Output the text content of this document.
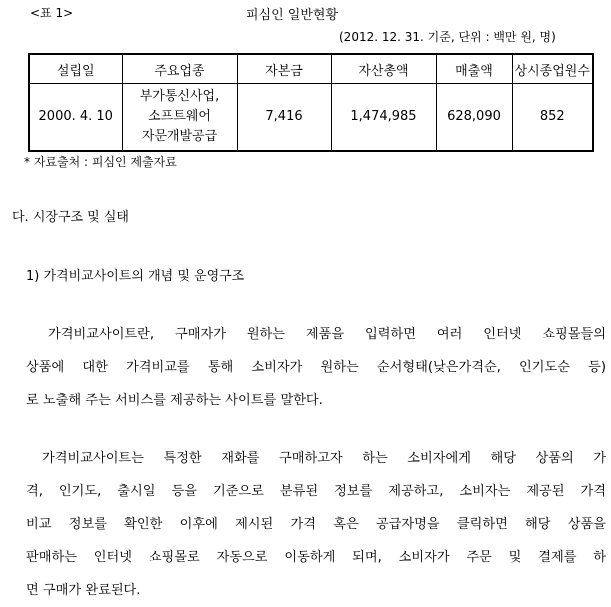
<표 1>	피심인 일반현황
(2012. 12. 31. 기준, 단위 : 백만 원, 명)
설립일	주요업종	자본금	자산총액	매출액	상시종업원수
2000. 4. 10	부가통신사업,
소프트웨어
자문개발공급	7,416	1,474,985	628,090	852
* 자료출처 : 피심인 제출자료
다. 시장구조 및 실태
1) 가격비교사이트의 개념 및 운영구조
가격비교사이트란, 구매자가 원하는 제품을 입력하면 여러 인터넷 쇼핑몰들의
상품에 대한 가격비교를 통해 소비자가 원하는 순서형태(낮은가격순, 인기도순 등)
로 노출해 주는 서비스를 제공하는 사이트를 말한다.
가격비교사이트는 특정한 재화를 구매하고자 하는 소비자에게 해당 상품의 가
격, 인기도, 출시일 등을 기준으로 분류된 정보를 제공하고, 소비자는 제공된 가격
비교 정보를 확인한 이후에 제시된 가격 혹은 공급자명을 클릭하면 해당 상품을
판매하는 인터넷 쇼핑몰로 자동으로 이동하게 되며, 소비자가 주문 및 결제를 하
면 구매가 완료된다.
